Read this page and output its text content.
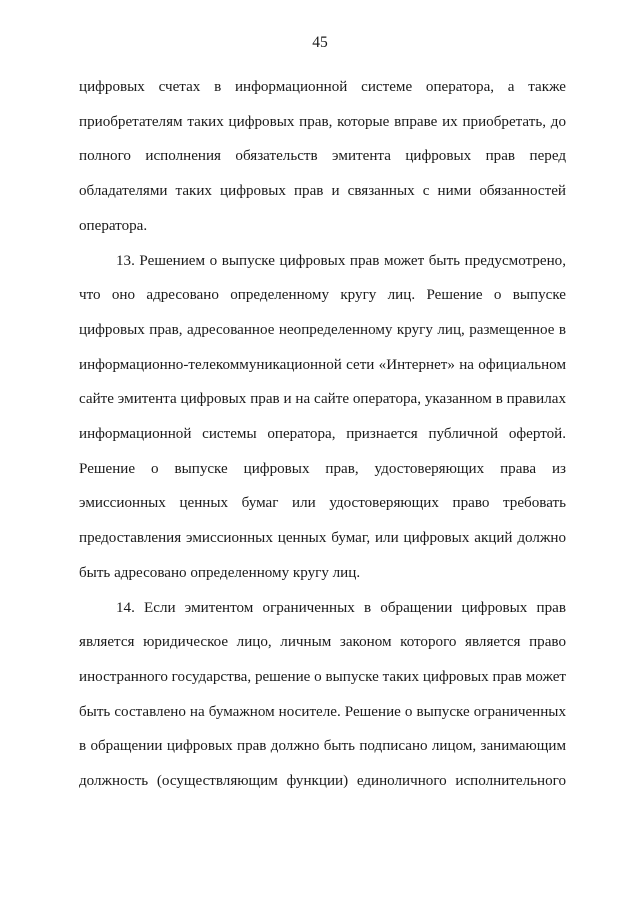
45

цифровых счетах в информационной системе оператора, а также
приобретателям таких цифровых прав, которые вправе их приобретать, до
полного исполнения обязательств эмитента цифровых прав перед
обладателями таких цифровых прав и связанных с ними обязанностей
оператора.

13. Решением о выпуске цифровых прав может быть предусмотрено,
что оно адресовано определенному кругу лиц. Решение о выпуске
цифровых прав, адресованное неопределенному кругу лиц, размещенное в
информационно-телекоммуникационной сети «Интернет» на официальном
сайте эмитента цифровых прав и на сайте оператора, указанном в правилах
информационной системы оператора, признается публичной офертой.
Решение о выпуске цифровых прав, удостоверяющих права из
эмиссионных ценных бумаг или удостоверяющих право требовать
предоставления эмиссионных ценных бумаг, или цифровых акций должно
быть адресовано определенному кругу лиц.

14. Если эмитентом ограниченных в обращении цифровых прав
является юридическое лицо, личным законом которого является право
иностранного государства, решение о выпуске таких цифровых прав может
быть составлено на бумажном носителе. Решение о выпуске ограниченных
в обращении цифровых прав должно быть подписано лицом, занимающим
должность (осуществляющим функции) единоличного исполнительного
